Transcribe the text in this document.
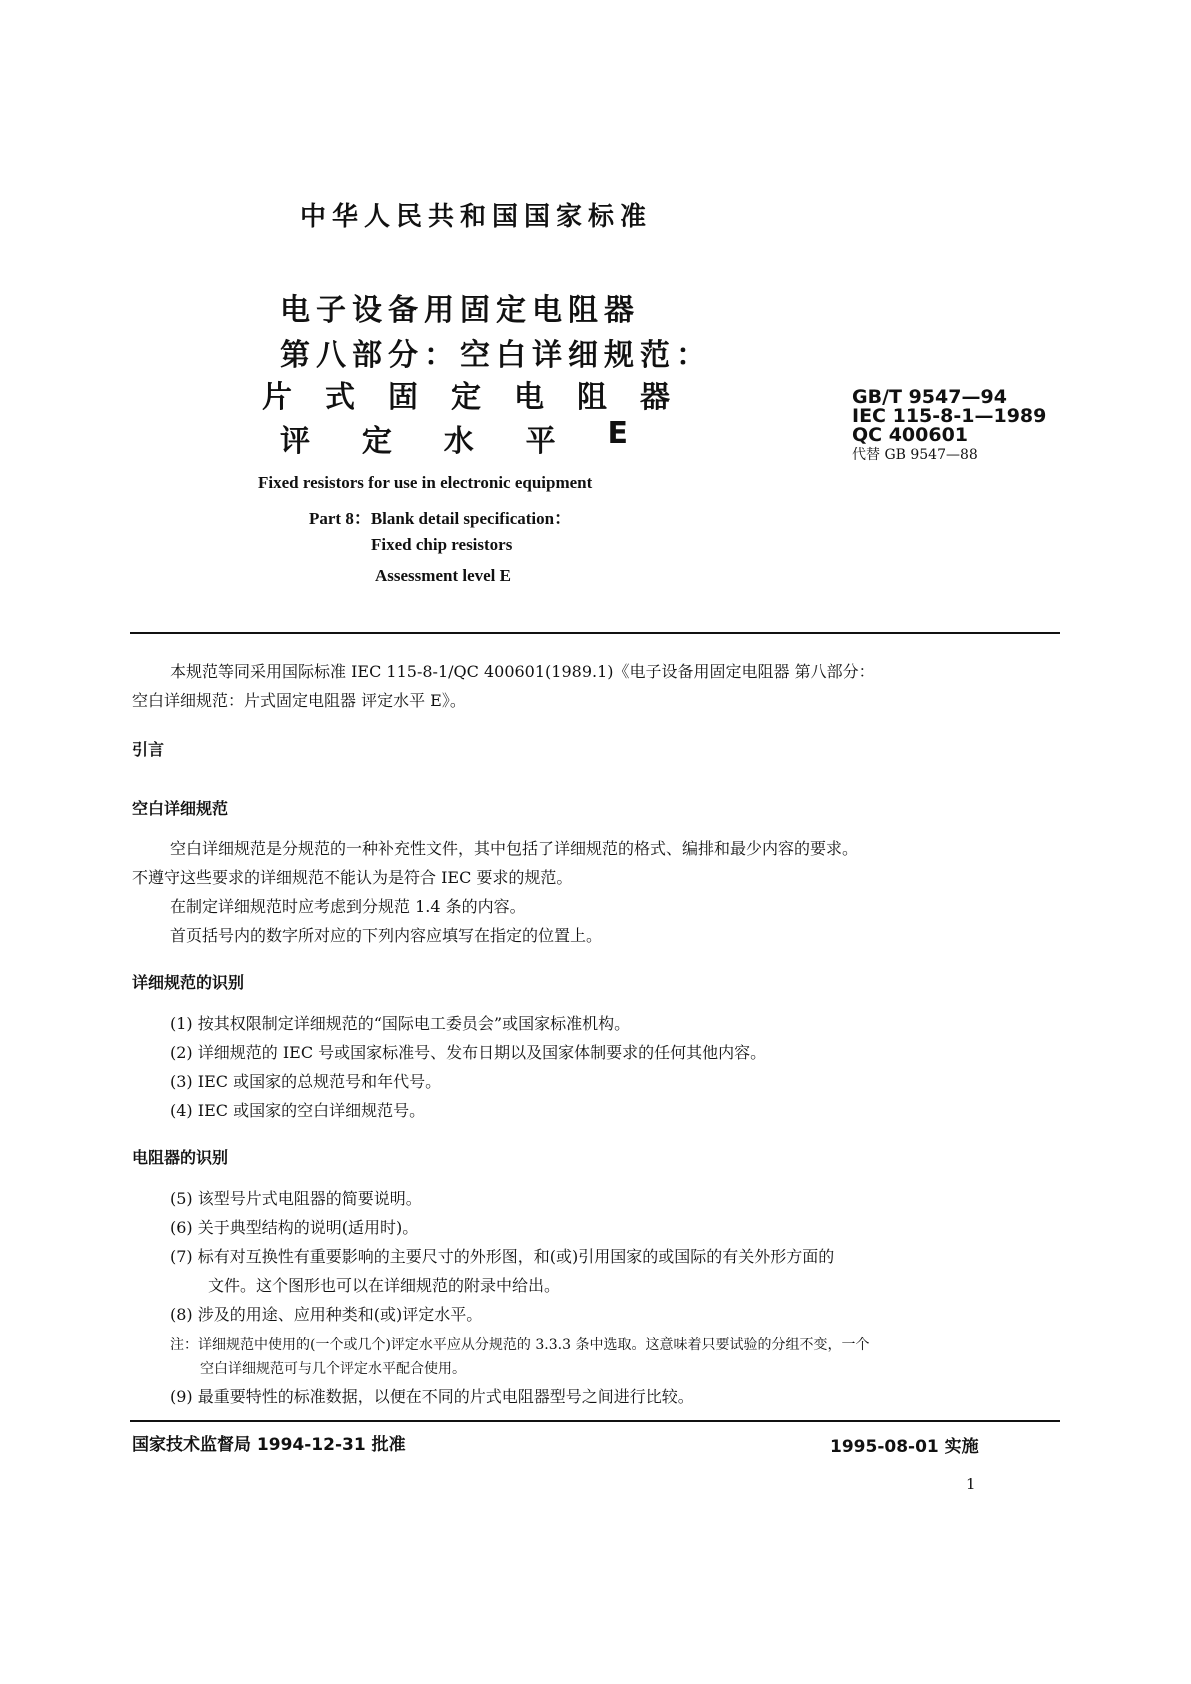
中华人民共和国国家标准
电子设备用固定电阻器
第八部分：空白详细规范：
片 式 固 定 电 阻 器
评 定 水 平 E
GB/T 9547—94
IEC 115-8-1—1989
QC 400601
代替 GB 9547—88
Fixed resistors for use in electronic equipment
Part 8：Blank detail specification：
Fixed chip resistors
Assessment level E
本规范等同采用国际标准 IEC 115-8-1/QC 400601(1989.1)《电子设备用固定电阻器 第八部分：
空白详细规范：片式固定电阻器 评定水平 E》。
引言
空白详细规范
空白详细规范是分规范的一种补充性文件，其中包括了详细规范的格式、编排和最少内容的要求。
不遵守这些要求的详细规范不能认为是符合 IEC 要求的规范。
在制定详细规范时应考虑到分规范 1.4 条的内容。
首页括号内的数字所对应的下列内容应填写在指定的位置上。
详细规范的识别
(1) 按其权限制定详细规范的“国际电工委员会”或国家标准机构。
(2) 详细规范的 IEC 号或国家标准号、发布日期以及国家体制要求的任何其他内容。
(3) IEC 或国家的总规范号和年代号。
(4) IEC 或国家的空白详细规范号。
电阻器的识别
(5) 该型号片式电阻器的简要说明。
(6) 关于典型结构的说明(适用时)。
(7) 标有对互换性有重要影响的主要尺寸的外形图，和(或)引用国家的或国际的有关外形方面的
文件。这个图形也可以在详细规范的附录中给出。
(8) 涉及的用途、应用种类和(或)评定水平。
注：详细规范中使用的(一个或几个)评定水平应从分规范的 3.3.3 条中选取。这意味着只要试验的分组不变，一个
空白详细规范可与几个评定水平配合使用。
(9) 最重要特性的标准数据，以便在不同的片式电阻器型号之间进行比较。
国家技术监督局 1994-12-31 批准	1995-08-01 实施
1
